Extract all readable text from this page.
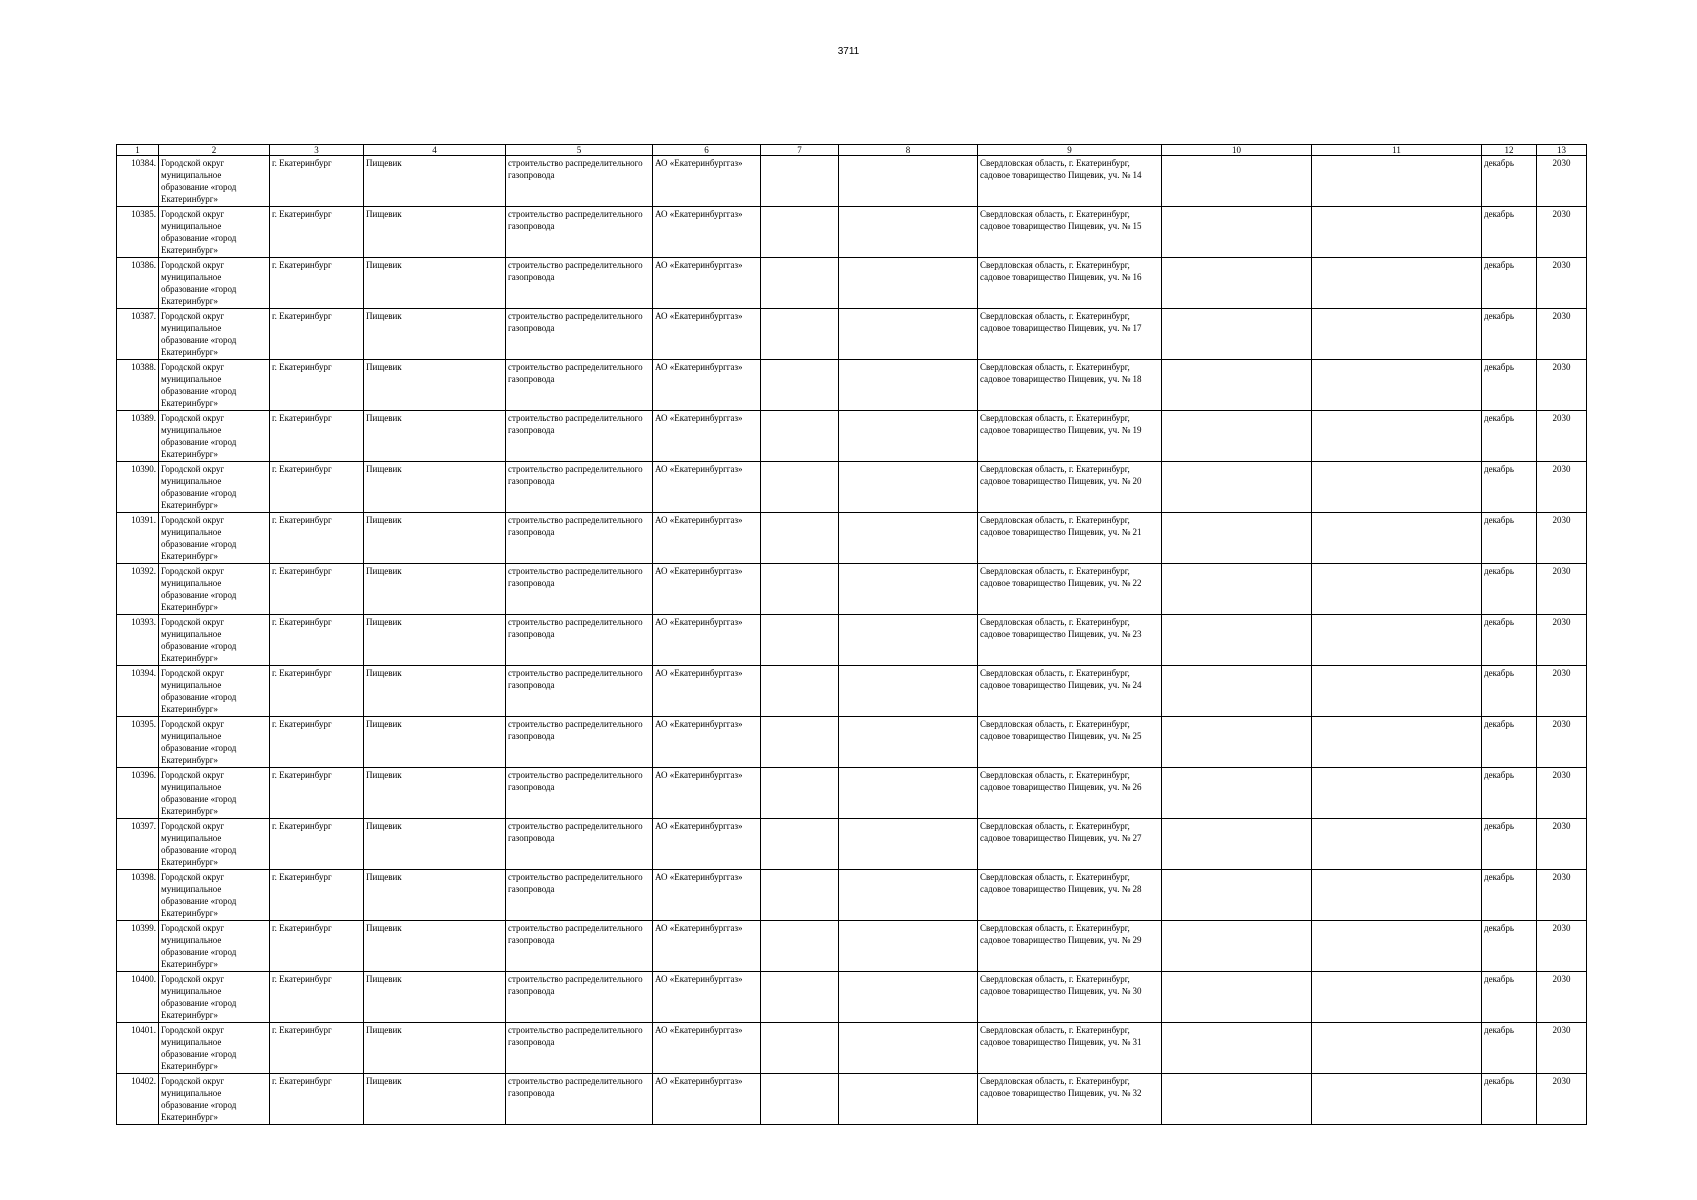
3711
1	2	3	4	5	6	7	8	9	10	11	12	13
10384.	Городской округ муниципальное образование «город Екатеринбург»	г. Екатеринбург	Пищевик	строительство распределительного газопровода	АО «Екатеринбурггаз»			Свердловская область, г. Екатеринбург, садовое товарищество Пищевик, уч. № 14			декабрь	2030
10385.	Городской округ муниципальное образование «город Екатеринбург»	г. Екатеринбург	Пищевик	строительство распределительного газопровода	АО «Екатеринбурггаз»			Свердловская область, г. Екатеринбург, садовое товарищество Пищевик, уч. № 15			декабрь	2030
10386.	Городской округ муниципальное образование «город Екатеринбург»	г. Екатеринбург	Пищевик	строительство распределительного газопровода	АО «Екатеринбурггаз»			Свердловская область, г. Екатеринбург, садовое товарищество Пищевик, уч. № 16			декабрь	2030
10387.	Городской округ муниципальное образование «город Екатеринбург»	г. Екатеринбург	Пищевик	строительство распределительного газопровода	АО «Екатеринбурггаз»			Свердловская область, г. Екатеринбург, садовое товарищество Пищевик, уч. № 17			декабрь	2030
10388.	Городской округ муниципальное образование «город Екатеринбург»	г. Екатеринбург	Пищевик	строительство распределительного газопровода	АО «Екатеринбурггаз»			Свердловская область, г. Екатеринбург, садовое товарищество Пищевик, уч. № 18			декабрь	2030
10389.	Городской округ муниципальное образование «город Екатеринбург»	г. Екатеринбург	Пищевик	строительство распределительного газопровода	АО «Екатеринбурггаз»			Свердловская область, г. Екатеринбург, садовое товарищество Пищевик, уч. № 19			декабрь	2030
10390.	Городской округ муниципальное образование «город Екатеринбург»	г. Екатеринбург	Пищевик	строительство распределительного газопровода	АО «Екатеринбурггаз»			Свердловская область, г. Екатеринбург, садовое товарищество Пищевик, уч. № 20			декабрь	2030
10391.	Городской округ муниципальное образование «город Екатеринбург»	г. Екатеринбург	Пищевик	строительство распределительного газопровода	АО «Екатеринбурггаз»			Свердловская область, г. Екатеринбург, садовое товарищество Пищевик, уч. № 21			декабрь	2030
10392.	Городской округ муниципальное образование «город Екатеринбург»	г. Екатеринбург	Пищевик	строительство распределительного газопровода	АО «Екатеринбурггаз»			Свердловская область, г. Екатеринбург, садовое товарищество Пищевик, уч. № 22			декабрь	2030
10393.	Городской округ муниципальное образование «город Екатеринбург»	г. Екатеринбург	Пищевик	строительство распределительного газопровода	АО «Екатеринбурггаз»			Свердловская область, г. Екатеринбург, садовое товарищество Пищевик, уч. № 23			декабрь	2030
10394.	Городской округ муниципальное образование «город Екатеринбург»	г. Екатеринбург	Пищевик	строительство распределительного газопровода	АО «Екатеринбурггаз»			Свердловская область, г. Екатеринбург, садовое товарищество Пищевик, уч. № 24			декабрь	2030
10395.	Городской округ муниципальное образование «город Екатеринбург»	г. Екатеринбург	Пищевик	строительство распределительного газопровода	АО «Екатеринбурггаз»			Свердловская область, г. Екатеринбург, садовое товарищество Пищевик, уч. № 25			декабрь	2030
10396.	Городской округ муниципальное образование «город Екатеринбург»	г. Екатеринбург	Пищевик	строительство распределительного газопровода	АО «Екатеринбурггаз»			Свердловская область, г. Екатеринбург, садовое товарищество Пищевик, уч. № 26			декабрь	2030
10397.	Городской округ муниципальное образование «город Екатеринбург»	г. Екатеринбург	Пищевик	строительство распределительного газопровода	АО «Екатеринбурггаз»			Свердловская область, г. Екатеринбург, садовое товарищество Пищевик, уч. № 27			декабрь	2030
10398.	Городской округ муниципальное образование «город Екатеринбург»	г. Екатеринбург	Пищевик	строительство распределительного газопровода	АО «Екатеринбурггаз»			Свердловская область, г. Екатеринбург, садовое товарищество Пищевик, уч. № 28			декабрь	2030
10399.	Городской округ муниципальное образование «город Екатеринбург»	г. Екатеринбург	Пищевик	строительство распределительного газопровода	АО «Екатеринбурггаз»			Свердловская область, г. Екатеринбург, садовое товарищество Пищевик, уч. № 29			декабрь	2030
10400.	Городской округ муниципальное образование «город Екатеринбург»	г. Екатеринбург	Пищевик	строительство распределительного газопровода	АО «Екатеринбурггаз»			Свердловская область, г. Екатеринбург, садовое товарищество Пищевик, уч. № 30			декабрь	2030
10401.	Городской округ муниципальное образование «город Екатеринбург»	г. Екатеринбург	Пищевик	строительство распределительного газопровода	АО «Екатеринбурггаз»			Свердловская область, г. Екатеринбург, садовое товарищество Пищевик, уч. № 31			декабрь	2030
10402.	Городской округ муниципальное образование «город Екатеринбург»	г. Екатеринбург	Пищевик	строительство распределительного газопровода	АО «Екатеринбурггаз»			Свердловская область, г. Екатеринбург, садовое товарищество Пищевик, уч. № 32			декабрь	2030
